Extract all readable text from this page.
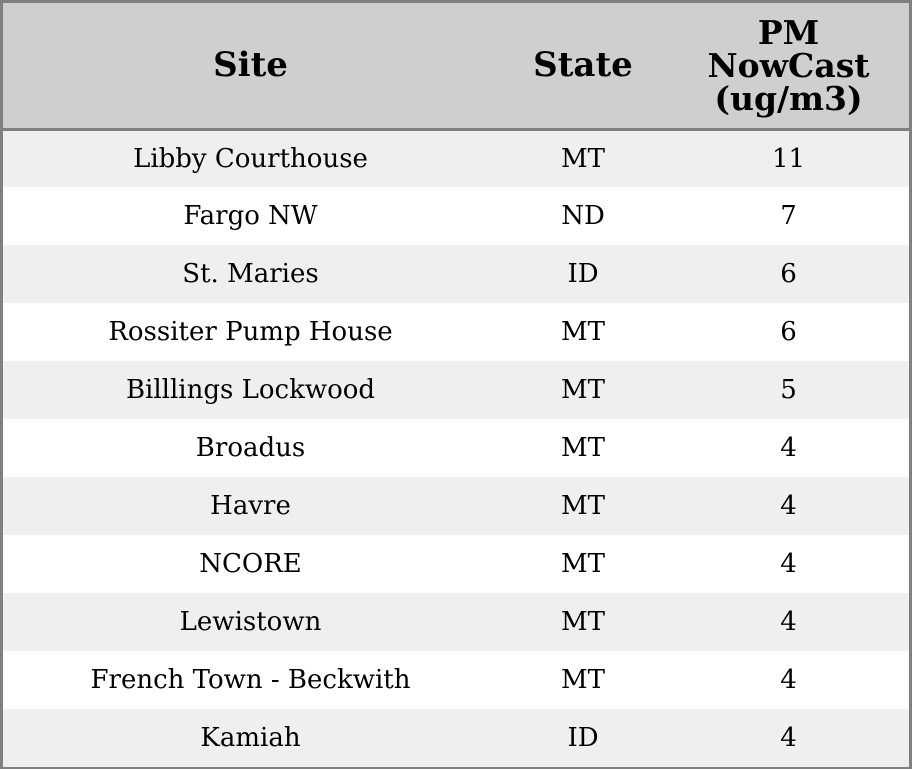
Site	State	PM
NowCast
(ug/m3)

Libby Courthouse	MT	11
Fargo NW	ND	7
St. Maries	ID	6
Rossiter Pump House	MT	6
Billlings Lockwood	MT	5
Broadus	MT	4
Havre	MT	4
NCORE	MT	4
Lewistown	MT	4
French Town - Beckwith	MT	4
Kamiah	ID	4
